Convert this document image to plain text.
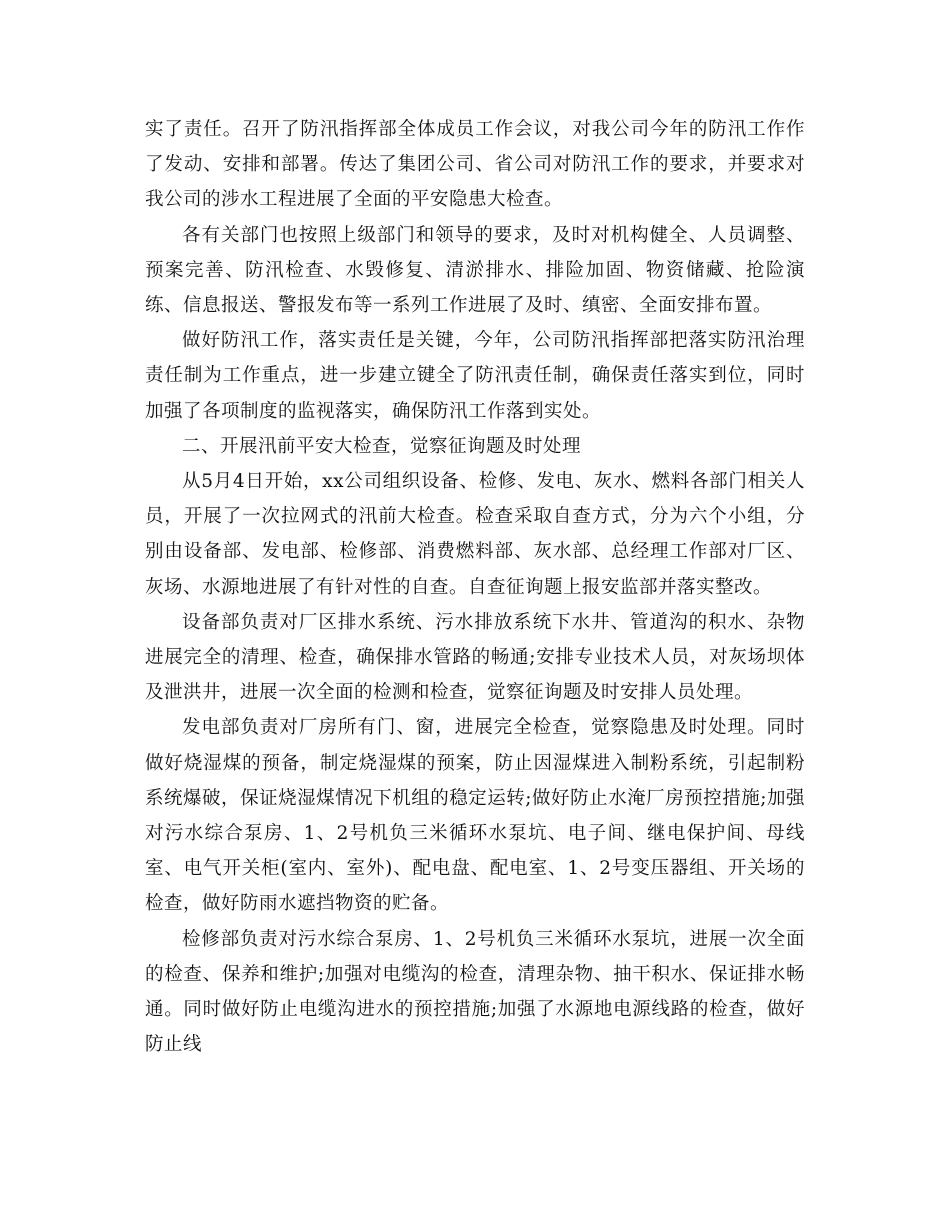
实了责任。召开了防汛指挥部全体成员工作会议，对我公司今年的防汛工作作了发动、安排和部署。传达了集团公司、省公司对防汛工作的要求，并要求对我公司的涉水工程进展了全面的平安隐患大检查。

各有关部门也按照上级部门和领导的要求，及时对机构健全、人员调整、预案完善、防汛检查、水毁修复、清淤排水、排险加固、物资储藏、抢险演练、信息报送、警报发布等一系列工作进展了及时、缜密、全面安排布置。

做好防汛工作，落实责任是关键，今年，公司防汛指挥部把落实防汛治理责任制为工作重点，进一步建立键全了防汛责任制，确保责任落实到位，同时加强了各项制度的监视落实，确保防汛工作落到实处。

二、开展汛前平安大检查，觉察征询题及时处理

从5月4日开始，xx公司组织设备、检修、发电、灰水、燃料各部门相关人员，开展了一次拉网式的汛前大检查。检查采取自查方式，分为六个小组，分别由设备部、发电部、检修部、消费燃料部、灰水部、总经理工作部对厂区、灰场、水源地进展了有针对性的自查。自查征询题上报安监部并落实整改。

设备部负责对厂区排水系统、污水排放系统下水井、管道沟的积水、杂物进展完全的清理、检查，确保排水管路的畅通;安排专业技术人员，对灰场坝体及泄洪井，进展一次全面的检测和检查，觉察征询题及时安排人员处理。

发电部负责对厂房所有门、窗，进展完全检查，觉察隐患及时处理。同时做好烧湿煤的预备，制定烧湿煤的预案，防止因湿煤进入制粉系统，引起制粉系统爆破，保证烧湿煤情况下机组的稳定运转;做好防止水淹厂房预控措施;加强对污水综合泵房、1、2号机负三米循环水泵坑、电子间、继电保护间、母线室、电气开关柜(室内、室外)、配电盘、配电室、1、2号变压器组、开关场的检查，做好防雨水遮挡物资的贮备。

检修部负责对污水综合泵房、1、2号机负三米循环水泵坑，进展一次全面的检查、保养和维护;加强对电缆沟的检查，清理杂物、抽干积水、保证排水畅通。同时做好防止电缆沟进水的预控措施;加强了水源地电源线路的检查，做好防止线
